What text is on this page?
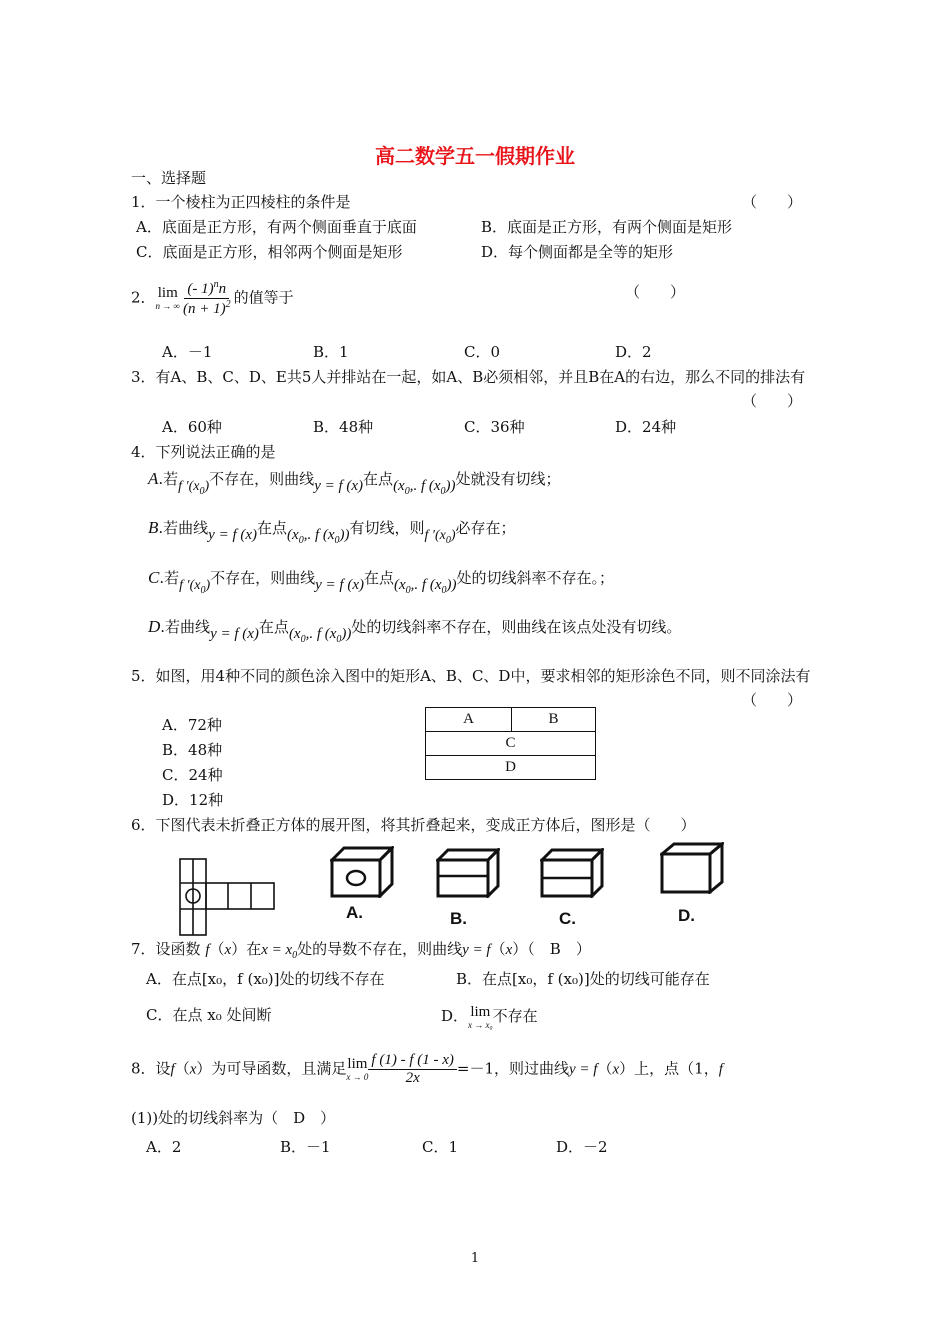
高二数学五一假期作业
一、选择题
1．一个棱柱为正四棱柱的条件是	（　　）
A．底面是正方形，有两个侧面垂直于底面	B．底面是正方形，有两个侧面是矩形
C．底面是正方形，相邻两个侧面是矩形	D．每个侧面都是全等的矩形
2． lim
n → ∞ $\frac{(- 1)^nn}{(n + 1)^2}$ 的值等于	（　　）
A．－1	B．1	C．0	D．2
3．有A、B、C、D、E共5人并排站在一起，如A、B必须相邻，并且B在A的右边，那么不同的排法有
（　　）
A．60种	B．48种	C．36种	D．24种
4．下列说法正确的是
A.若f $'(x_0)$不存在，则曲线y = f (x)在点($x_0$,. f $(x_0)$)处就没有切线；
B.若曲线y = f (x)在点($x_0$,. f $(x_0)$)有切线，则f $'(x_0)$必存在；
C.若f $'(x_0)$不存在，则曲线y = f (x)在点($x_0$,. f $(x_0)$)处的切线斜率不存在。；
D.若曲线y = f (x)在点($x_0$,. f $(x_0)$)处的切线斜率不存在，则曲线在该点处没有切线。
5．如图，用4种不同的颜色涂入图中的矩形A、B、C、D中，要求相邻的矩形涂色不同，则不同涂法有
（　　）
A．72种
B．48种
C．24种
D．12种
A	B
C
D
6．下图代表未折叠正方体的展开图，将其折叠起来，变成正方体后，图形是（　　）
A.	B.	C.	D.
7．设函数 f（x）在$x = x_0$处的导数不存在，则曲线y = f（x）（　B　）
A．在点[x₀，f (x₀)]处的切线不存在	B．在点[x₀，f (x₀)]处的切线可能存在
C．在点 x₀ 处间断	D． lim
x → x₀ 不存在
8．设f（x）为可导函数，且满足 lim
$x \to 0 \frac{f (1) - f (1 - x)}{2x} =-1$，则过曲线y = f（x）上，点（1，f
(1))处的切线斜率为（　D　）
A．2	B．－1	C．1	D．－2
1
